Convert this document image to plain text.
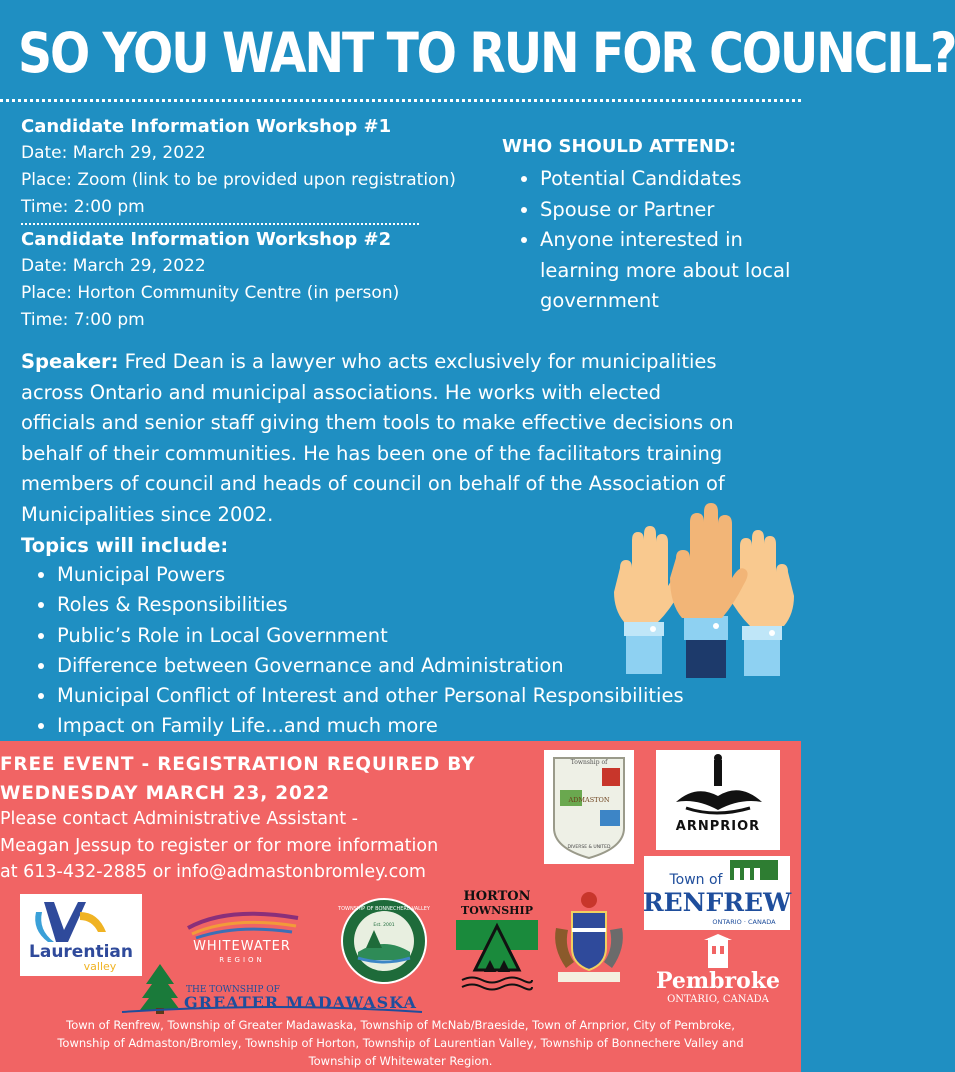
SO YOU WANT TO RUN FOR COUNCIL?
Candidate Information Workshop #1
Date: March 29, 2022
Place: Zoom (link to be provided upon registration)
Time: 2:00 pm
Candidate Information Workshop #2
Date: March 29, 2022
Place: Horton Community Centre (in person)
Time: 7:00 pm
WHO SHOULD ATTEND:
• Potential Candidates
• Spouse or Partner
• Anyone interested in learning more about local government

Speaker: Fred Dean is a lawyer who acts exclusively for municipalities across Ontario and municipal associations. He works with elected officials and senior staff giving them tools to make effective decisions on behalf of their communities. He has been one of the facilitators training members of council and heads of council on behalf of the Association of Municipalities since 2002.

Topics will include:
• Municipal Powers
• Roles & Responsibilities
• Public’s Role in Local Government
• Difference between Governance and Administration
• Municipal Conflict of Interest and other Personal Responsibilities
• Impact on Family Life...and much more
FREE EVENT - REGISTRATION REQUIRED BY
WEDNESDAY MARCH 23, 2022
Please contact Administrative Assistant -
Meagan Jessup to register or for more information
at 613-432-2885 or info@admastonbromley.com
Township of
ADMASTON
DIVERSE & UNITED
ARNPRIOR
Town of
RENFREW
ONTARIO · CANADA
Laurentian
valley
WHITEWATER
REGION
TOWNSHIP OF BONNECHERE VALLEY
Est. 2001
HORTON
TOWNSHIP
THE TOWNSHIP OF
GREATER MADAWASKA
Pembroke
ONTARIO, CANADA
Town of Renfrew, Township of Greater Madawaska, Township of McNab/Braeside, Town of Arnprior, City of Pembroke,
Township of Admaston/Bromley, Township of Horton, Township of Laurentian Valley, Township of Bonnechere Valley and
Township of Whitewater Region.
